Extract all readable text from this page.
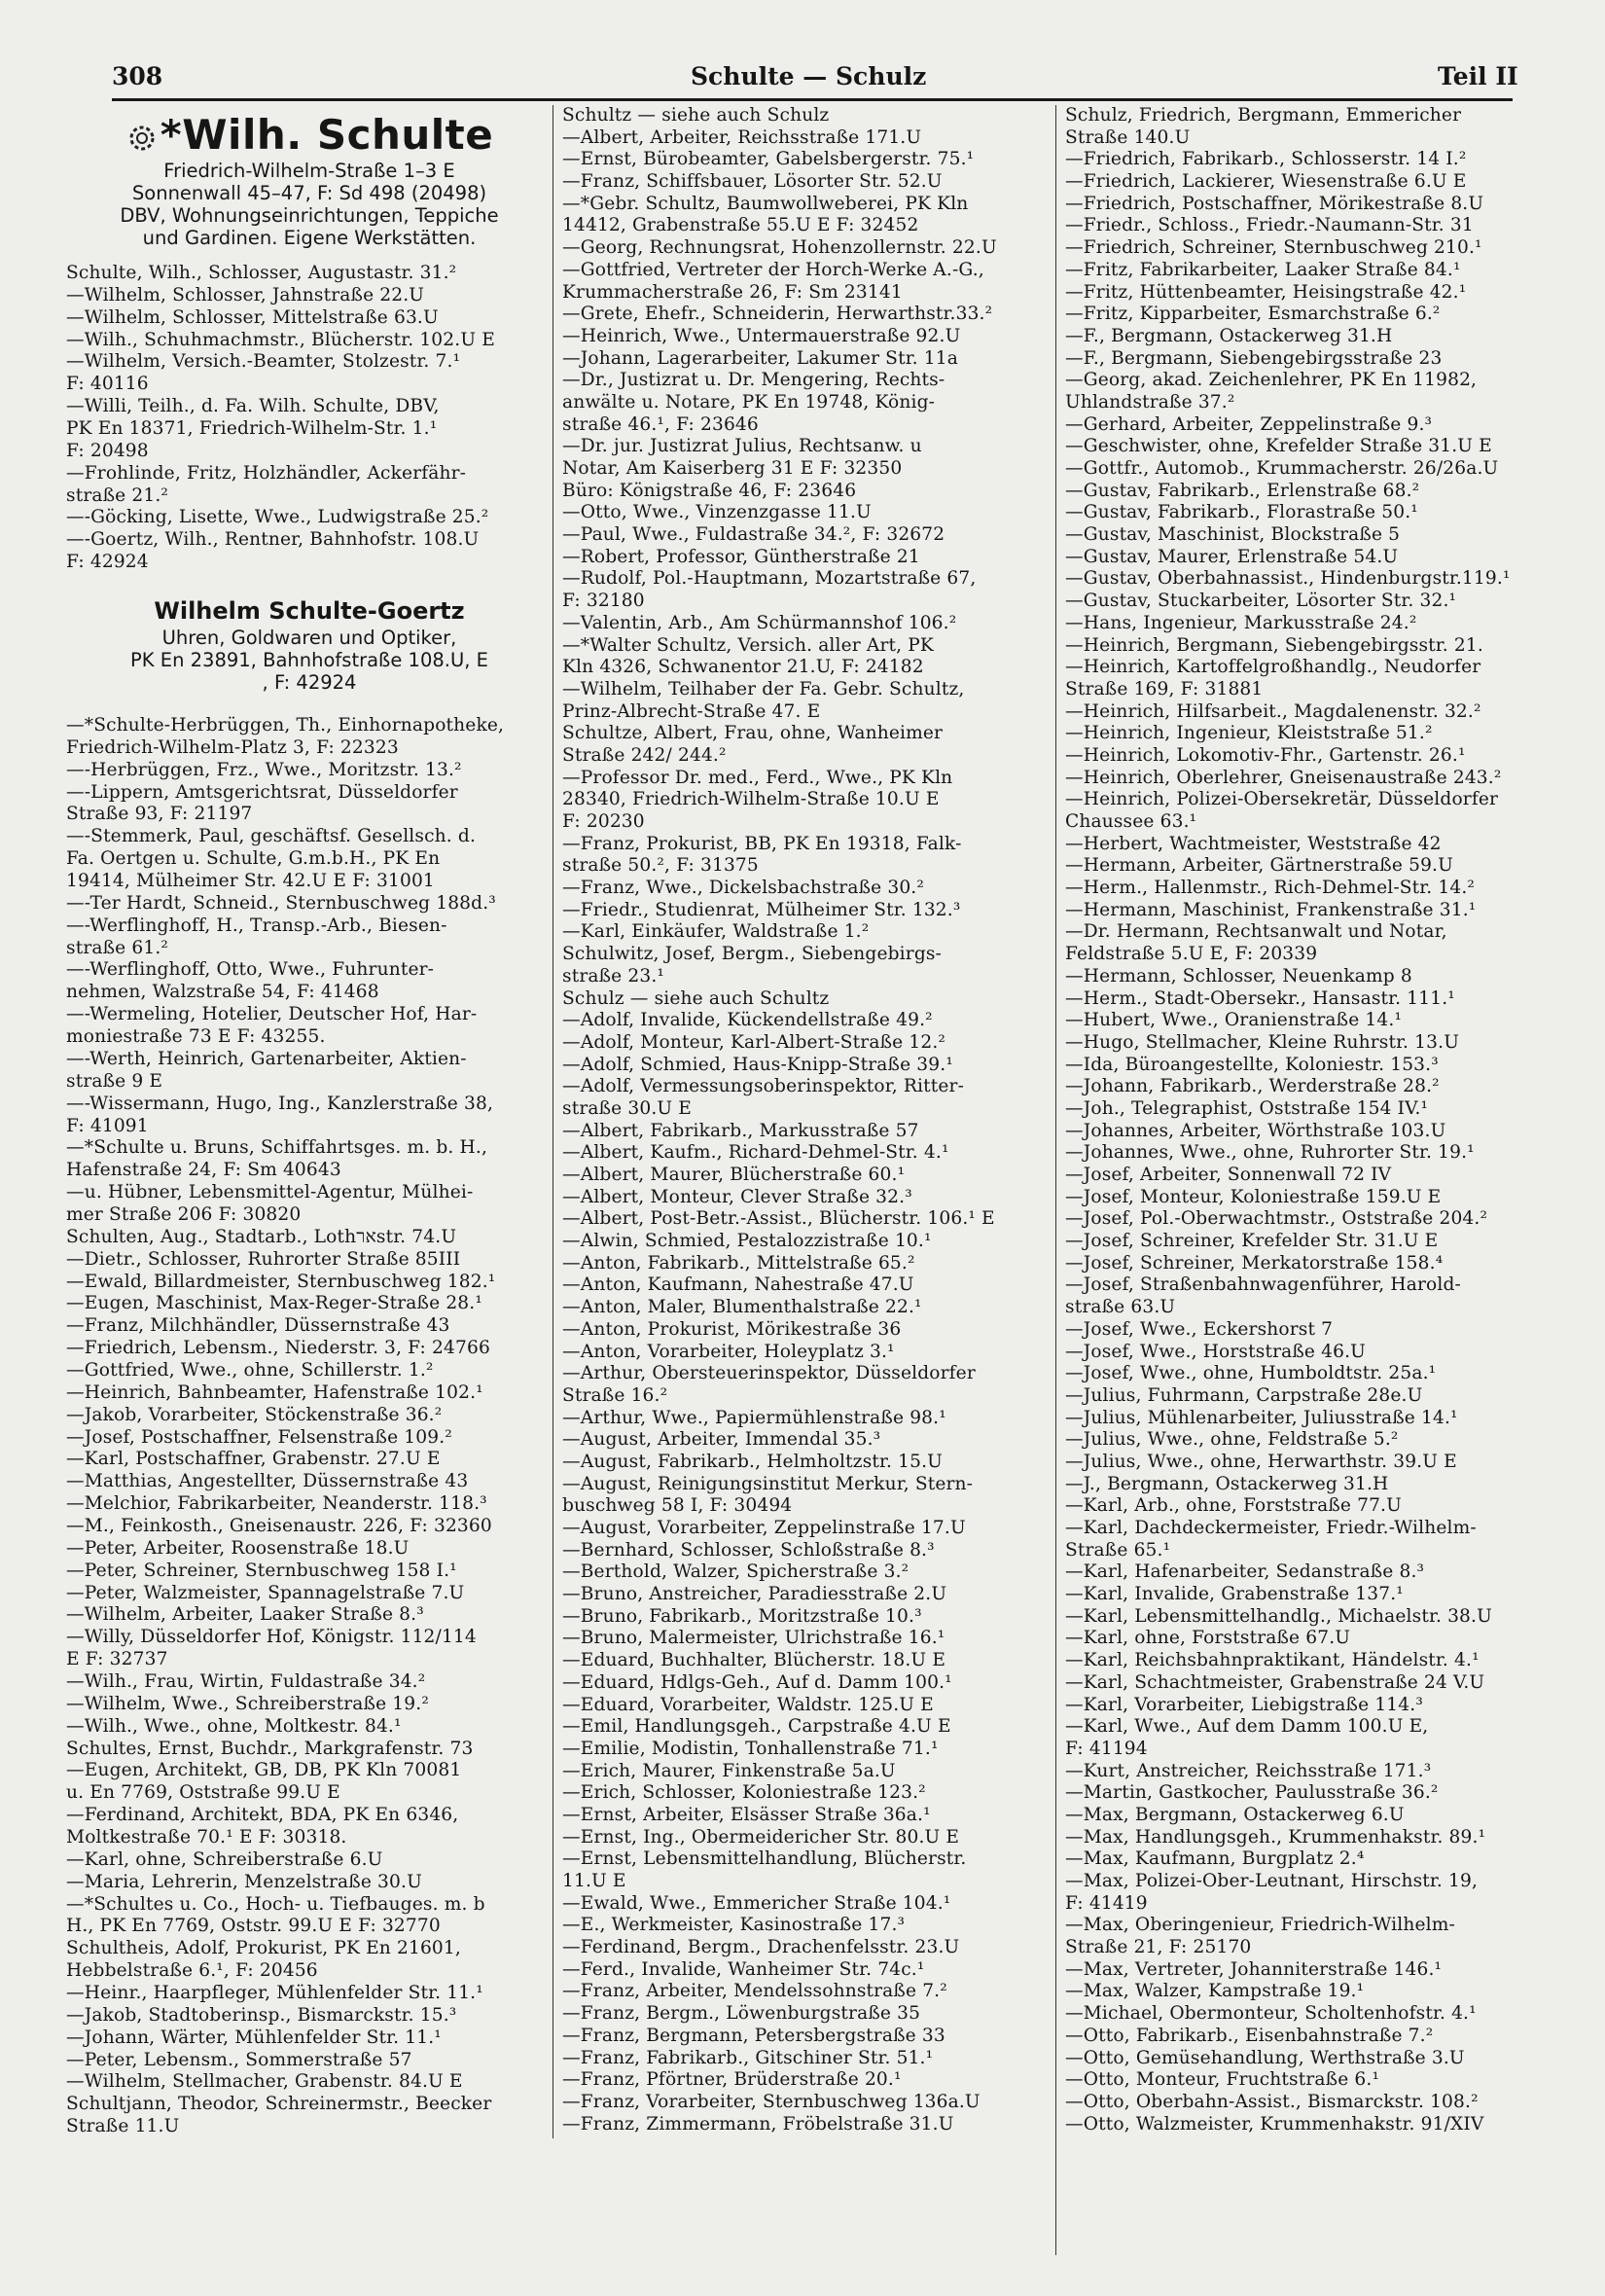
308	Schulte — Schulz	Teil II
*Wilh. Schulte
Friedrich-Wilhelm-Straße 1–3 E
Sonnenwall 45–47, F: Sd 498 (20498)
DBV, Wohnungseinrichtungen, Teppiche
und Gardinen. Eigene Werkstätten.
Schulte, Wilh., Schlosser, Augustastr. 31.²
—Wilhelm, Schlosser, Jahnstraße 22.U
—Wilhelm, Schlosser, Mittelstraße 63.U
—Wilh., Schuhmachmstr., Blücherstr. 102.U E
—Wilhelm, Versich.-Beamter, Stolzestr. 7.¹
F: 40116
—Willi, Teilh., d. Fa. Wilh. Schulte, DBV,
PK En 18371, Friedrich-Wilhelm-Str. 1.¹
F: 20498
—Frohlinde, Fritz, Holzhändler, Ackerfähr-
straße 21.²
—-Göcking, Lisette, Wwe., Ludwigstraße 25.²
—-Goertz, Wilh., Rentner, Bahnhofstr. 108.U
F: 42924
Wilhelm Schulte-Goertz
Uhren, Goldwaren und Optiker,
PK En 23891, Bahnhofstraße 108.U, E
, F: 42924
—*Schulte-Herbrüggen, Th., Einhornapotheke,
Friedrich-Wilhelm-Platz 3, F: 22323
—-Herbrüggen, Frz., Wwe., Moritzstr. 13.²
—-Lippern, Amtsgerichtsrat, Düsseldorfer
Straße 93, F: 21197
—-Stemmerk, Paul, geschäftsf. Gesellsch. d.
Fa. Oertgen u. Schulte, G.m.b.H., PK En
19414, Mülheimer Str. 42.U E F: 31001
—-Ter Hardt, Schneid., Sternbuschweg 188d.³
—-Werflinghoff, H., Transp.-Arb., Biesen-
straße 61.²
—-Werflinghoff, Otto, Wwe., Fuhrunter-
nehmen, Walzstraße 54, F: 41468
—-Wermeling, Hotelier, Deutscher Hof, Har-
moniestraße 73 E F: 43255.
—-Werth, Heinrich, Gartenarbeiter, Aktien-
straße 9 E
—-Wissermann, Hugo, Ing., Kanzlerstraße 38,
F: 41091
—*Schulte u. Bruns, Schiffahrtsges. m. b. H.,
Hafenstraße 24, F: Sm 40643
—u. Hübner, Lebensmittel-Agentur, Mülhei-
mer Straße 206 F: 30820
Schulten, Aug., Stadtarb., Lothארstr. 74.U
—Dietr., Schlosser, Ruhrorter Straße 85III
—Ewald, Billardmeister, Sternbuschweg 182.¹
—Eugen, Maschinist, Max-Reger-Straße 28.¹
—Franz, Milchhändler, Düssernstraße 43
—Friedrich, Lebensm., Niederstr. 3, F: 24766
—Gottfried, Wwe., ohne, Schillerstr. 1.²
—Heinrich, Bahnbeamter, Hafenstraße 102.¹
—Jakob, Vorarbeiter, Stöckenstraße 36.²
—Josef, Postschaffner, Felsenstraße 109.²
—Karl, Postschaffner, Grabenstr. 27.U E
—Matthias, Angestellter, Düssernstraße 43
—Melchior, Fabrikarbeiter, Neanderstr. 118.³
—M., Feinkosth., Gneisenaustr. 226, F: 32360
—Peter, Arbeiter, Roosenstraße 18.U
—Peter, Schreiner, Sternbuschweg 158 I.¹
—Peter, Walzmeister, Spannagelstraße 7.U
—Wilhelm, Arbeiter, Laaker Straße 8.³
—Willy, Düsseldorfer Hof, Königstr. 112/114
E F: 32737
—Wilh., Frau, Wirtin, Fuldastraße 34.²
—Wilhelm, Wwe., Schreiberstraße 19.²
—Wilh., Wwe., ohne, Moltkestr. 84.¹
Schultes, Ernst, Buchdr., Markgrafenstr. 73
—Eugen, Architekt, GB, DB, PK Kln 70081
u. En 7769, Oststraße 99.U E
—Ferdinand, Architekt, BDA, PK En 6346,
Moltkestraße 70.¹ E F: 30318.
—Karl, ohne, Schreiberstraße 6.U
—Maria, Lehrerin, Menzelstraße 30.U
—*Schultes u. Co., Hoch- u. Tiefbauges. m. b
H., PK En 7769, Oststr. 99.U E F: 32770
Schultheis, Adolf, Prokurist, PK En 21601,
Hebbelstraße 6.¹, F: 20456
—Heinr., Haarpfleger, Mühlenfelder Str. 11.¹
—Jakob, Stadtoberinsp., Bismarckstr. 15.³
—Johann, Wärter, Mühlenfelder Str. 11.¹
—Peter, Lebensm., Sommerstraße 57
—Wilhelm, Stellmacher, Grabenstr. 84.U E
Schultjann, Theodor, Schreinermstr., Beecker
Straße 11.U
Schultz — siehe auch Schulz
—Albert, Arbeiter, Reichsstraße 171.U
—Ernst, Bürobeamter, Gabelsbergerstr. 75.¹
—Franz, Schiffsbauer, Lösorter Str. 52.U
—*Gebr. Schultz, Baumwollweberei, PK Kln
14412, Grabenstraße 55.U E F: 32452
—Georg, Rechnungsrat, Hohenzollernstr. 22.U
—Gottfried, Vertreter der Horch-Werke A.-G.,
Krummacherstraße 26, F: Sm 23141
—Grete, Ehefr., Schneiderin, Herwarthstr.33.²
—Heinrich, Wwe., Untermauerstraße 92.U
—Johann, Lagerarbeiter, Lakumer Str. 11a
—Dr., Justizrat u. Dr. Mengering, Rechts-
anwälte u. Notare, PK En 19748, König-
straße 46.¹, F: 23646
—Dr. jur. Justizrat Julius, Rechtsanw. u
Notar, Am Kaiserberg 31 E F: 32350
Büro: Königstraße 46, F: 23646
—Otto, Wwe., Vinzenzgasse 11.U
—Paul, Wwe., Fuldastraße 34.², F: 32672
—Robert, Professor, Güntherstraße 21
—Rudolf, Pol.-Hauptmann, Mozartstraße 67,
F: 32180
—Valentin, Arb., Am Schürmannshof 106.²
—*Walter Schultz, Versich. aller Art, PK
Kln 4326, Schwanentor 21.U, F: 24182
—Wilhelm, Teilhaber der Fa. Gebr. Schultz,
Prinz-Albrecht-Straße 47. E
Schultze, Albert, Frau, ohne, Wanheimer
Straße 242/ 244.²
—Professor Dr. med., Ferd., Wwe., PK Kln
28340, Friedrich-Wilhelm-Straße 10.U E
F: 20230
—Franz, Prokurist, BB, PK En 19318, Falk-
straße 50.², F: 31375
—Franz, Wwe., Dickelsbachstraße 30.²
—Friedr., Studienrat, Mülheimer Str. 132.³
—Karl, Einkäufer, Waldstraße 1.²
Schulwitz, Josef, Bergm., Siebengebirgs-
straße 23.¹
Schulz — siehe auch Schultz
—Adolf, Invalide, Kückendellstraße 49.²
—Adolf, Monteur, Karl-Albert-Straße 12.²
—Adolf, Schmied, Haus-Knipp-Straße 39.¹
—Adolf, Vermessungsoberinspektor, Ritter-
straße 30.U E
—Albert, Fabrikarb., Markusstraße 57
—Albert, Kaufm., Richard-Dehmel-Str. 4.¹
—Albert, Maurer, Blücherstraße 60.¹
—Albert, Monteur, Clever Straße 32.³
—Albert, Post-Betr.-Assist., Blücherstr. 106.¹ E
—Alwin, Schmied, Pestalozzistraße 10.¹
—Anton, Fabrikarb., Mittelstraße 65.²
—Anton, Kaufmann, Nahestraße 47.U
—Anton, Maler, Blumenthalstraße 22.¹
—Anton, Prokurist, Mörikestraße 36
—Anton, Vorarbeiter, Holeyplatz 3.¹
—Arthur, Obersteuerinspektor, Düsseldorfer
Straße 16.²
—Arthur, Wwe., Papiermühlenstraße 98.¹
—August, Arbeiter, Immendal 35.³
—August, Fabrikarb., Helmholtzstr. 15.U
—August, Reinigungsinstitut Merkur, Stern-
buschweg 58 I, F: 30494
—August, Vorarbeiter, Zeppelinstraße 17.U
—Bernhard, Schlosser, Schloßstraße 8.³
—Berthold, Walzer, Spicherstraße 3.²
—Bruno, Anstreicher, Paradiesstraße 2.U
—Bruno, Fabrikarb., Moritzstraße 10.³
—Bruno, Malermeister, Ulrichstraße 16.¹
—Eduard, Buchhalter, Blücherstr. 18.U E
—Eduard, Hdlgs-Geh., Auf d. Damm 100.¹
—Eduard, Vorarbeiter, Waldstr. 125.U E
—Emil, Handlungsgeh., Carpstraße 4.U E
—Emilie, Modistin, Tonhallenstraße 71.¹
—Erich, Maurer, Finkenstraße 5a.U
—Erich, Schlosser, Koloniestraße 123.²
—Ernst, Arbeiter, Elsässer Straße 36a.¹
—Ernst, Ing., Obermeidericher Str. 80.U E
—Ernst, Lebensmittelhandlung, Blücherstr.
11.U E
—Ewald, Wwe., Emmericher Straße 104.¹
—E., Werkmeister, Kasinostraße 17.³
—Ferdinand, Bergm., Drachenfelsstr. 23.U
—Ferd., Invalide, Wanheimer Str. 74c.¹
—Franz, Arbeiter, Mendelssohnstraße 7.²
—Franz, Bergm., Löwenburgstraße 35
—Franz, Bergmann, Petersbergstraße 33
—Franz, Fabrikarb., Gitschiner Str. 51.¹
—Franz, Pförtner, Brüderstraße 20.¹
—Franz, Vorarbeiter, Sternbuschweg 136a.U
—Franz, Zimmermann, Fröbelstraße 31.U
Schulz, Friedrich, Bergmann, Emmericher
Straße 140.U
—Friedrich, Fabrikarb., Schlosserstr. 14 I.²
—Friedrich, Lackierer, Wiesenstraße 6.U E
—Friedrich, Postschaffner, Mörikestraße 8.U
—Friedr., Schloss., Friedr.-Naumann-Str. 31
—Friedrich, Schreiner, Sternbuschweg 210.¹
—Fritz, Fabrikarbeiter, Laaker Straße 84.¹
—Fritz, Hüttenbeamter, Heisingstraße 42.¹
—Fritz, Kipparbeiter, Esmarchstraße 6.²
—F., Bergmann, Ostackerweg 31.H
—F., Bergmann, Siebengebirgsstraße 23
—Georg, akad. Zeichenlehrer, PK En 11982,
Uhlandstraße 37.²
—Gerhard, Arbeiter, Zeppelinstraße 9.³
—Geschwister, ohne, Krefelder Straße 31.U E
—Gottfr., Automob., Krummacherstr. 26/26a.U
—Gustav, Fabrikarb., Erlenstraße 68.²
—Gustav, Fabrikarb., Florastraße 50.¹
—Gustav, Maschinist, Blockstraße 5
—Gustav, Maurer, Erlenstraße 54.U
—Gustav, Oberbahnassist., Hindenburgstr.119.¹
—Gustav, Stuckarbeiter, Lösorter Str. 32.¹
—Hans, Ingenieur, Markusstraße 24.²
—Heinrich, Bergmann, Siebengebirgsstr. 21.
—Heinrich, Kartoffelgroßhandlg., Neudorfer
Straße 169, F: 31881
—Heinrich, Hilfsarbeit., Magdalenenstr. 32.²
—Heinrich, Ingenieur, Kleiststraße 51.²
—Heinrich, Lokomotiv-Fhr., Gartenstr. 26.¹
—Heinrich, Oberlehrer, Gneisenaustraße 243.²
—Heinrich, Polizei-Obersekretär, Düsseldorfer
Chaussee 63.¹
—Herbert, Wachtmeister, Weststraße 42
—Hermann, Arbeiter, Gärtnerstraße 59.U
—Herm., Hallenmstr., Rich-Dehmel-Str. 14.²
—Hermann, Maschinist, Frankenstraße 31.¹
—Dr. Hermann, Rechtsanwalt und Notar,
Feldstraße 5.U E, F: 20339
—Hermann, Schlosser, Neuenkamp 8
—Herm., Stadt-Obersekr., Hansastr. 111.¹
—Hubert, Wwe., Oranienstraße 14.¹
—Hugo, Stellmacher, Kleine Ruhrstr. 13.U
—Ida, Büroangestellte, Koloniestr. 153.³
—Johann, Fabrikarb., Werderstraße 28.²
—Joh., Telegraphist, Oststraße 154 IV.¹
—Johannes, Arbeiter, Wörthstraße 103.U
—Johannes, Wwe., ohne, Ruhrorter Str. 19.¹
—Josef, Arbeiter, Sonnenwall 72 IV
—Josef, Monteur, Koloniestraße 159.U E
—Josef, Pol.-Oberwachtmstr., Oststraße 204.²
—Josef, Schreiner, Krefelder Str. 31.U E
—Josef, Schreiner, Merkatorstraße 158.⁴
—Josef, Straßenbahnwagenführer, Harold-
straße 63.U
—Josef, Wwe., Eckershorst 7
—Josef, Wwe., Horststraße 46.U
—Josef, Wwe., ohne, Humboldtstr. 25a.¹
—Julius, Fuhrmann, Carpstraße 28e.U
—Julius, Mühlenarbeiter, Juliusstraße 14.¹
—Julius, Wwe., ohne, Feldstraße 5.²
—Julius, Wwe., ohne, Herwarthstr. 39.U E
—J., Bergmann, Ostackerweg 31.H
—Karl, Arb., ohne, Forststraße 77.U
—Karl, Dachdeckermeister, Friedr.-Wilhelm-
Straße 65.¹
—Karl, Hafenarbeiter, Sedanstraße 8.³
—Karl, Invalide, Grabenstraße 137.¹
—Karl, Lebensmittelhandlg., Michaelstr. 38.U
—Karl, ohne, Forststraße 67.U
—Karl, Reichsbahnpraktikant, Händelstr. 4.¹
—Karl, Schachtmeister, Grabenstraße 24 V.U
—Karl, Vorarbeiter, Liebigstraße 114.³
—Karl, Wwe., Auf dem Damm 100.U E,
F: 41194
—Kurt, Anstreicher, Reichsstraße 171.³
—Martin, Gastkocher, Paulusstraße 36.²
—Max, Bergmann, Ostackerweg 6.U
—Max, Handlungsgeh., Krummenhakstr. 89.¹
—Max, Kaufmann, Burgplatz 2.⁴
—Max, Polizei-Ober-Leutnant, Hirschstr. 19,
F: 41419
—Max, Oberingenieur, Friedrich-Wilhelm-
Straße 21, F: 25170
—Max, Vertreter, Johanniterstraße 146.¹
—Max, Walzer, Kampstraße 19.¹
—Michael, Obermonteur, Scholtenhofstr. 4.¹
—Otto, Fabrikarb., Eisenbahnstraße 7.²
—Otto, Gemüsehandlung, Werthstraße 3.U
—Otto, Monteur, Fruchtstraße 6.¹
—Otto, Oberbahn-Assist., Bismarckstr. 108.²
—Otto, Walzmeister, Krummenhakstr. 91/XIV
